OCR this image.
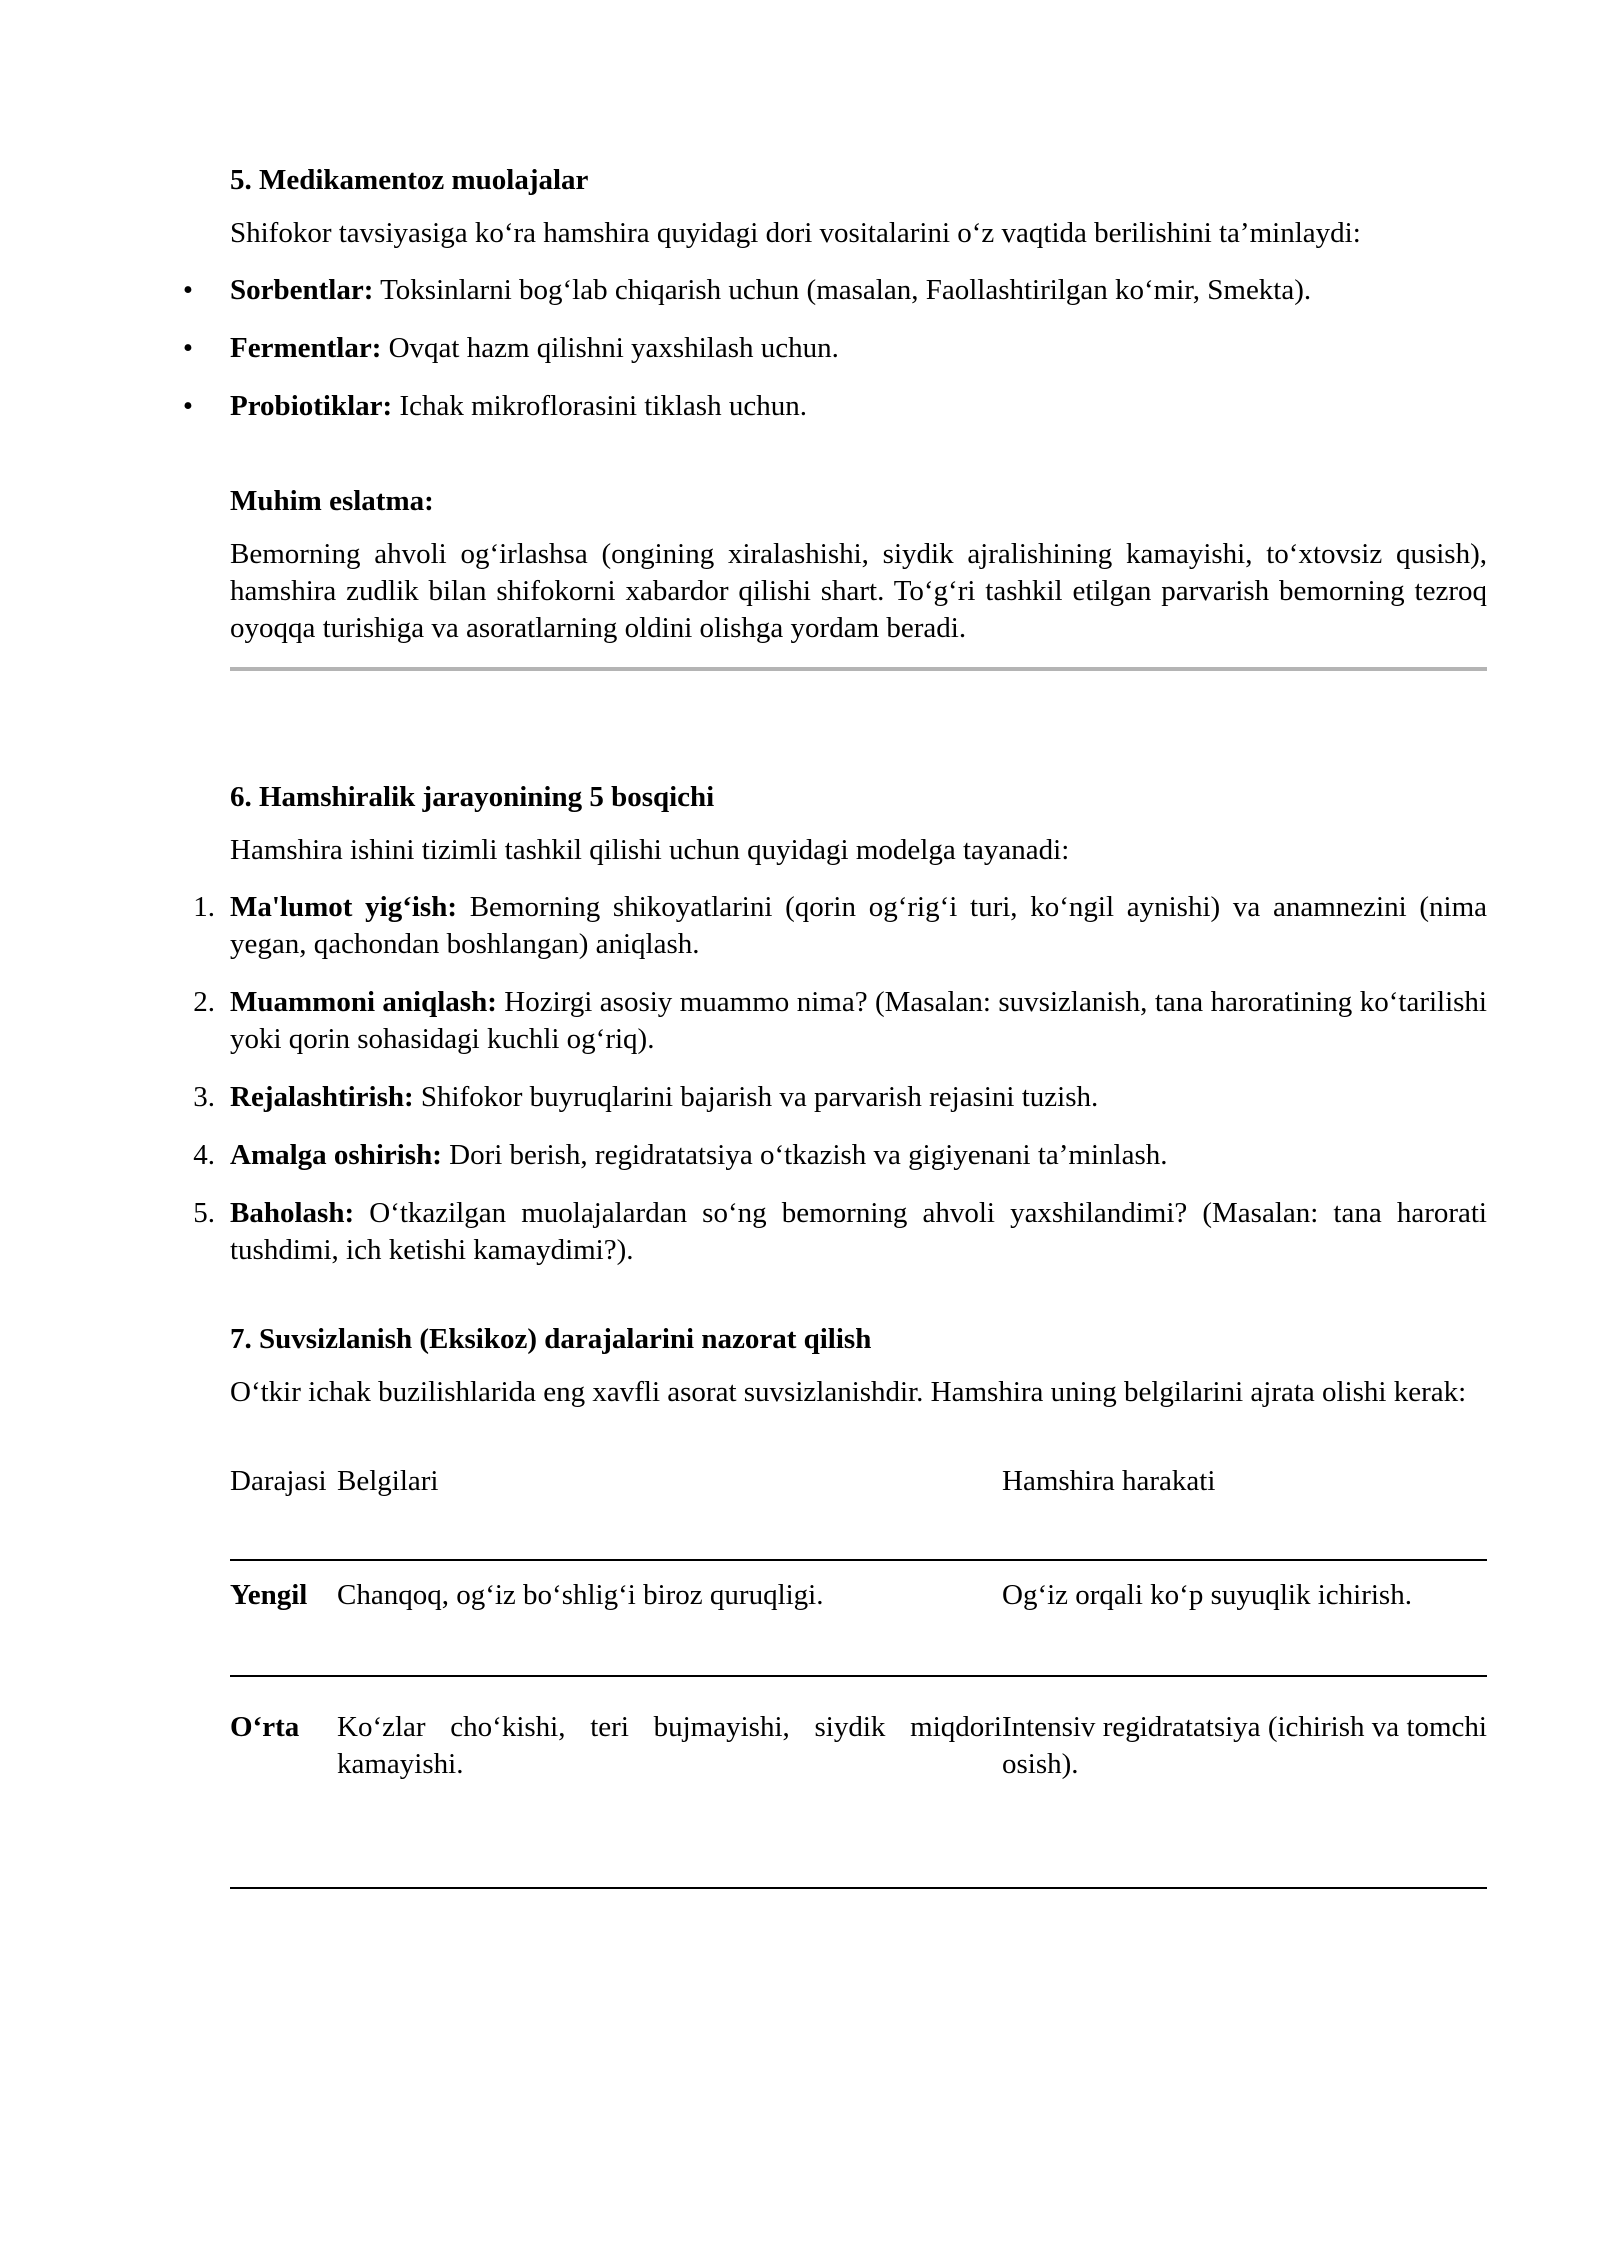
5. Medikamentoz muolajalar

Shifokor tavsiyasiga ko‘ra hamshira quyidagi dori vositalarini o‘z vaqtida berilishini ta’minlaydi:

• Sorbentlar: Toksinlarni bog‘lab chiqarish uchun (masalan, Faollashtirilgan ko‘mir, Smekta).
• Fermentlar: Ovqat hazm qilishni yaxshilash uchun.
• Probiotiklar: Ichak mikroflorasini tiklash uchun.
Muhim eslatma:

Bemorning ahvoli og‘irlashsa (ongining xiralashishi, siydik ajralishining kamayishi, to‘xtovsiz qusish), hamshira zudlik bilan shifokorni xabardor qilishi shart. To‘g‘ri tashkil etilgan parvarish bemorning tezroq oyoqqa turishiga va asoratlarning oldini olishga yordam beradi.

6. Hamshiralik jarayonining 5 bosqichi

Hamshira ishini tizimli tashkil qilishi uchun quyidagi modelga tayanadi:

1. Ma'lumot yig‘ish: Bemorning shikoyatlarini (qorin og‘rig‘i turi, ko‘ngil aynishi) va anamnezini (nima yegan, qachondan boshlangan) aniqlash.
2. Muammoni aniqlash: Hozirgi asosiy muammo nima? (Masalan: suvsizlanish, tana haroratining ko‘tarilishi yoki qorin sohasidagi kuchli og‘riq).
3. Rejalashtirish: Shifokor buyruqlarini bajarish va parvarish rejasini tuzish.
4. Amalga oshirish: Dori berish, regidratatsiya o‘tkazish va gigiyenani ta’minlash.
5. Baholash: O‘tkazilgan muolajalardan so‘ng bemorning ahvoli yaxshilandimi? (Masalan: tana harorati tushdimi, ich ketishi kamaydimi?).
7. Suvsizlanish (Eksikoz) darajalarini nazorat qilish

O‘tkir ichak buzilishlarida eng xavfli asorat suvsizlanishdir. Hamshira uning belgilarini ajrata olishi kerak:

Darajasi	Belgilari	Hamshira harakati

Yengil	Chanqoq, og‘iz bo‘shlig‘i biroz quruqligi.	Og‘iz orqali ko‘p suyuqlik ichirish.

O‘rta	Ko‘zlar cho‘kishi, teri bujmayishi, siydik miqdori kamayishi.	Intensiv regidratatsiya (ichirish va tomchi osish).
